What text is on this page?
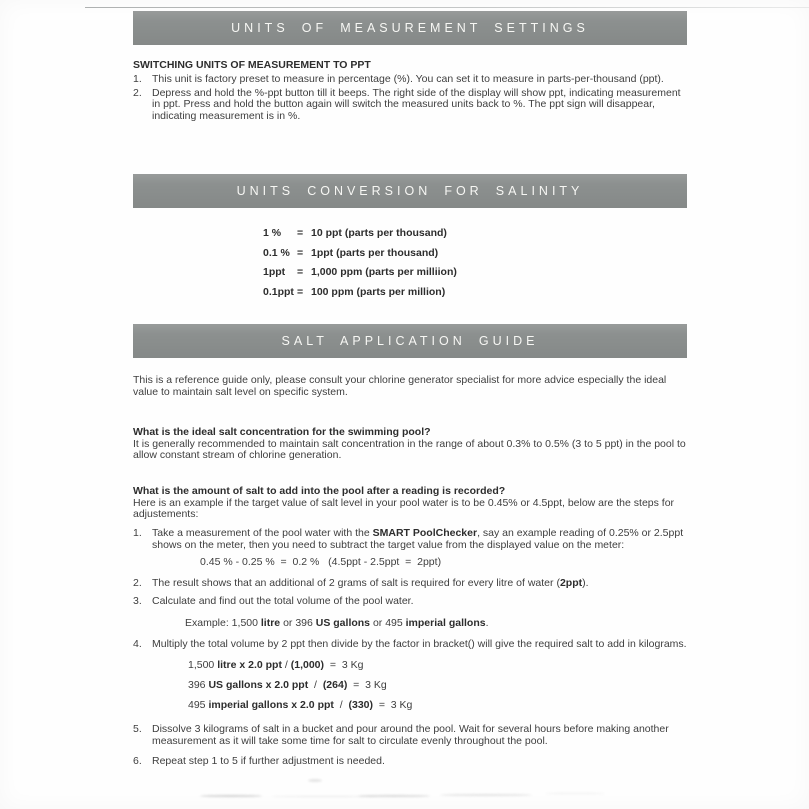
UNITS OF MEASUREMENT SETTINGS
SWITCHING UNITS OF MEASUREMENT TO PPT
1. This unit is factory preset to measure in percentage (%). You can set it to measure in parts-per-thousand (ppt).
2. Depress and hold the %-ppt button till it beeps. The right side of the display will show ppt, indicating measurement in ppt. Press and hold the button again will switch the measured units back to %. The ppt sign will disappear, indicating measurement is in %.
UNITS CONVERSION FOR SALINITY
1 %	= 10 ppt (parts per thousand)
0.1 % = 1ppt (parts per thousand)
1ppt	= 1,000 ppm (parts per milliion)
0.1ppt = 100 ppm (parts per million)
SALT APPLICATION GUIDE
This is a reference guide only, please consult your chlorine generator specialist for more advice especially the ideal value to maintain salt level on specific system.
What is the ideal salt concentration for the swimming pool?
It is generally recommended to maintain salt concentration in the range of about 0.3% to 0.5% (3 to 5 ppt) in the pool to allow constant stream of chlorine generation.
What is the amount of salt to add into the pool after a reading is recorded?
Here is an example if the target value of salt level in your pool water is to be 0.45% or 4.5ppt, below are the steps for adjustements:
1. Take a measurement of the pool water with the SMART PoolChecker, say an example reading of 0.25% or 2.5ppt shows on the meter, then you need to subtract the target value from the displayed value on the meter:
0.45 % - 0.25 %  =  0.2 %   (4.5ppt - 2.5ppt  =  2ppt)
2. The result shows that an additional of 2 grams of salt is required for every litre of water (2ppt).
3. Calculate and find out the total volume of the pool water.
Example: 1,500 litre or 396 US gallons or 495 imperial gallons.
4. Multiply the total volume by 2 ppt then divide by the factor in bracket() will give the required salt to add in kilograms.
1,500 litre x 2.0 ppt / (1,000)  =  3 Kg
396 US gallons x 2.0 ppt  /  (264)  =  3 Kg
495 imperial gallons x 2.0 ppt  /  (330)  =  3 Kg
5. Dissolve 3 kilograms of salt in a bucket and pour around the pool. Wait for several hours before making another measurement as it will take some time for salt to circulate evenly throughout the pool.
6. Repeat step 1 to 5 if further adjustment is needed.
